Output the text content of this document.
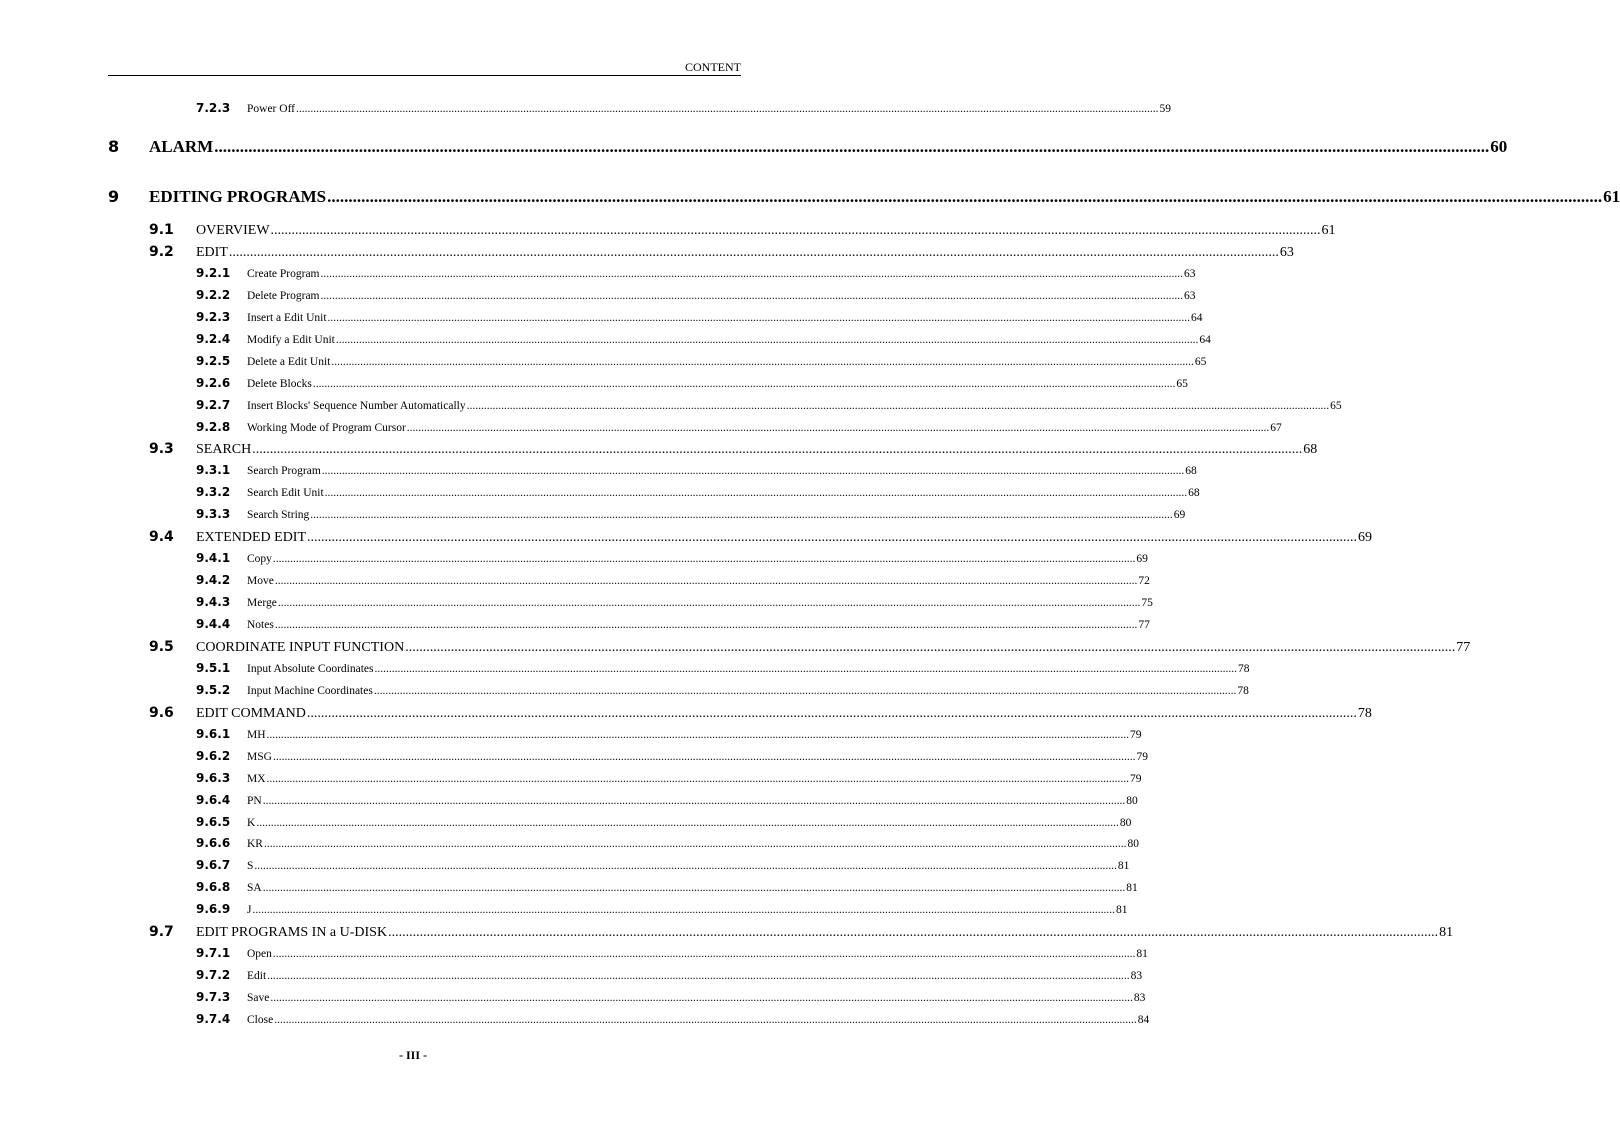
CONTENT
7.2.3	Power Off ............................................................................................................................................................................................................................................................................................................ 59
8	ALARM ............................................................................................................................................................................................................................................................................................................ 60
9	EDITING PROGRAMS ............................................................................................................................................................................................................................................................................................................ 61
9.1	OVERVIEW ............................................................................................................................................................................................................................................................................................................ 61
9.2	EDIT ............................................................................................................................................................................................................................................................................................................ 63
9.2.1	Create Program ............................................................................................................................................................................................................................................................................................................ 63
9.2.2	Delete Program ............................................................................................................................................................................................................................................................................................................ 63
9.2.3	Insert a Edit Unit ............................................................................................................................................................................................................................................................................................................ 64
9.2.4	Modify a Edit Unit ............................................................................................................................................................................................................................................................................................................ 64
9.2.5	Delete a Edit Unit ............................................................................................................................................................................................................................................................................................................ 65
9.2.6	Delete Blocks ............................................................................................................................................................................................................................................................................................................ 65
9.2.7	Insert Blocks' Sequence Number Automatically ............................................................................................................................................................................................................................................................................................................ 65
9.2.8	Working Mode of Program Cursor ............................................................................................................................................................................................................................................................................................................ 67
9.3	SEARCH ............................................................................................................................................................................................................................................................................................................ 68
9.3.1	Search Program ............................................................................................................................................................................................................................................................................................................ 68
9.3.2	Search Edit Unit ............................................................................................................................................................................................................................................................................................................ 68
9.3.3	Search String ............................................................................................................................................................................................................................................................................................................ 69
9.4	EXTENDED EDIT ............................................................................................................................................................................................................................................................................................................ 69
9.4.1	Copy ............................................................................................................................................................................................................................................................................................................ 69
9.4.2	Move ............................................................................................................................................................................................................................................................................................................ 72
9.4.3	Merge ............................................................................................................................................................................................................................................................................................................ 75
9.4.4	Notes ............................................................................................................................................................................................................................................................................................................ 77
9.5	COORDINATE INPUT FUNCTION ............................................................................................................................................................................................................................................................................................................ 77
9.5.1	Input Absolute Coordinates ............................................................................................................................................................................................................................................................................................................ 78
9.5.2	Input Machine Coordinates ............................................................................................................................................................................................................................................................................................................ 78
9.6	EDIT COMMAND ............................................................................................................................................................................................................................................................................................................ 78
9.6.1	MH ............................................................................................................................................................................................................................................................................................................ 79
9.6.2	MSG ............................................................................................................................................................................................................................................................................................................ 79
9.6.3	MX ............................................................................................................................................................................................................................................................................................................ 79
9.6.4	PN ............................................................................................................................................................................................................................................................................................................ 80
9.6.5	K ............................................................................................................................................................................................................................................................................................................ 80
9.6.6	KR ............................................................................................................................................................................................................................................................................................................ 80
9.6.7	S ............................................................................................................................................................................................................................................................................................................ 81
9.6.8	SA ............................................................................................................................................................................................................................................................................................................ 81
9.6.9	J ............................................................................................................................................................................................................................................................................................................ 81
9.7	EDIT PROGRAMS IN a U-DISK ............................................................................................................................................................................................................................................................................................................ 81
9.7.1	Open ............................................................................................................................................................................................................................................................................................................ 81
9.7.2	Edit ............................................................................................................................................................................................................................................................................................................ 83
9.7.3	Save ............................................................................................................................................................................................................................................................................................................ 83
9.7.4	Close ............................................................................................................................................................................................................................................................................................................ 84
- III -
